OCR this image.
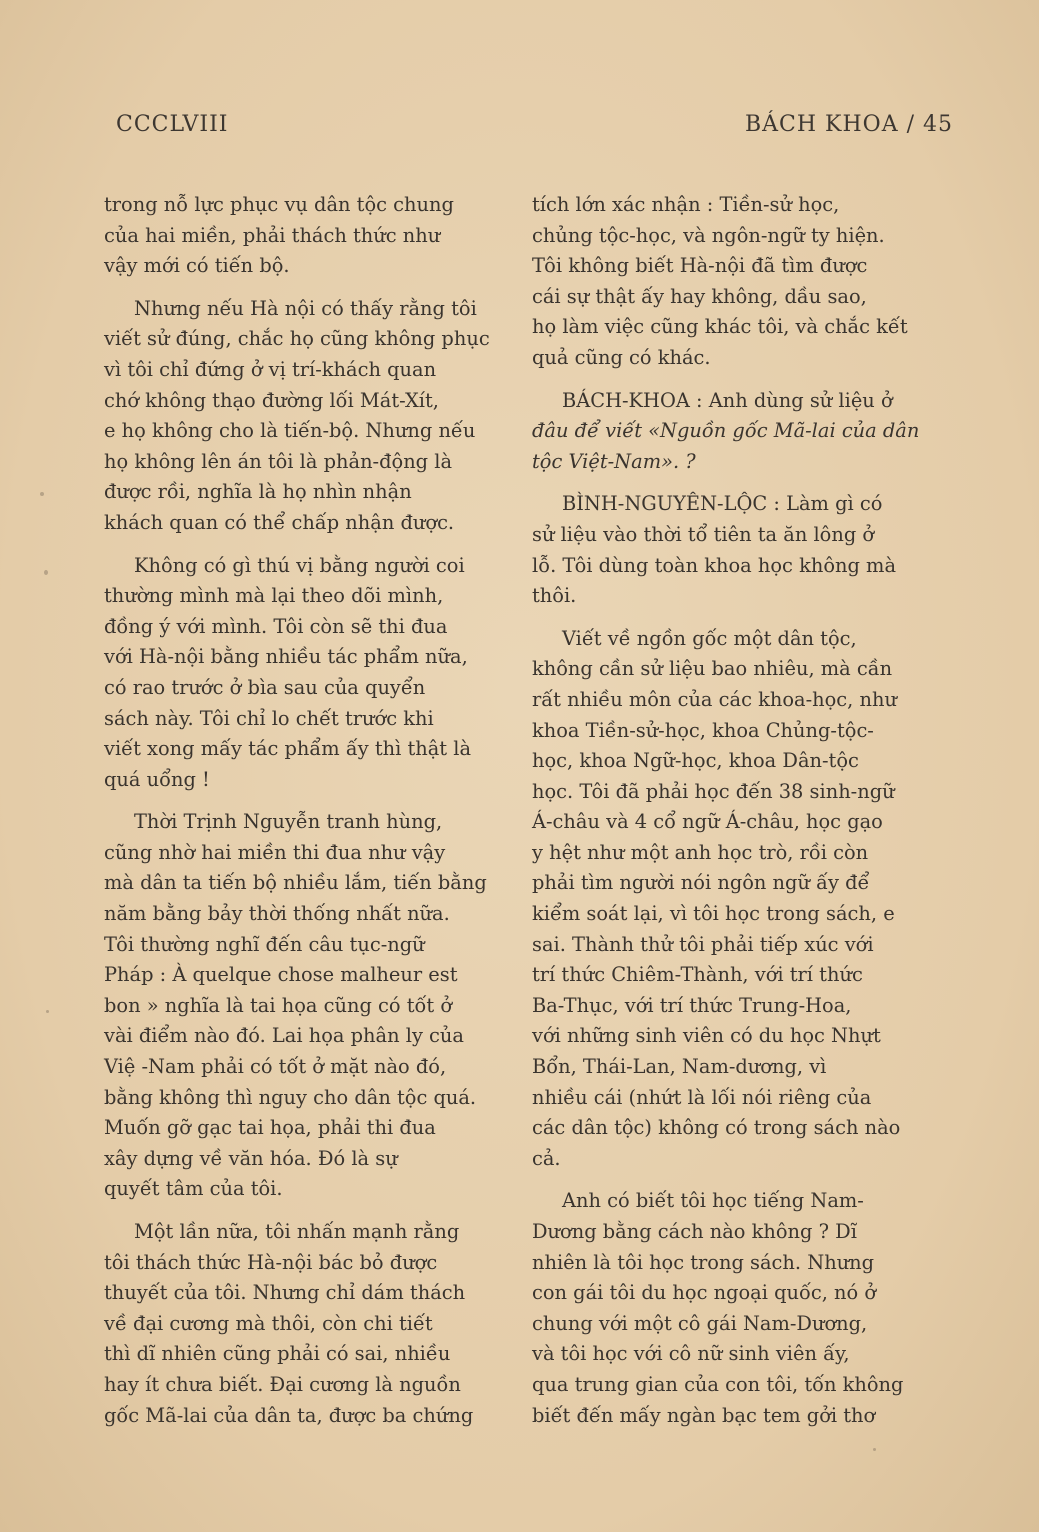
CCCLVIII	BÁCH KHOA / 45
trong nỗ lực phục vụ dân tộc chung
của hai miền, phải thách thức như
vậy mới có tiến bộ.
Nhưng nếu Hà nội có thấy rằng tôi
viết sử đúng, chắc họ cũng không phục
vì tôi chỉ đứng ở vị trí-khách quan
chớ không thạo đường lối Mát-Xít,
e họ không cho là tiến-bộ. Nhưng nếu
họ không lên án tôi là phản-động là
được rồi, nghĩa là họ nhìn nhận
khách quan có thể chấp nhận được.
Không có gì thú vị bằng người coi
thường mình mà lại theo dõi mình,
đồng ý với mình. Tôi còn sẽ thi đua
với Hà-nội bằng nhiều tác phẩm nữa,
có rao trước ở bìa sau của quyển
sách này. Tôi chỉ lo chết trước khi
viết xong mấy tác phẩm ấy thì thật là
quá uổng !
Thời Trịnh Nguyễn tranh hùng,
cũng nhờ hai miền thi đua như vậy
mà dân ta tiến bộ nhiều lắm, tiến bằng
năm bằng bảy thời thống nhất nữa.
Tôi thường nghĩ đến câu tục-ngữ
Pháp : À quelque chose malheur est
bon » nghĩa là tai họa cũng có tốt ở
vài điểm nào đó. Lai họa phân ly của
Việ -Nam phải có tốt ở mặt nào đó,
bằng không thì nguy cho dân tộc quá.
Muốn gỡ gạc tai họa, phải thi đua
xây dựng về văn hóa. Đó là sự
quyết tâm của tôi.
Một lần nữa, tôi nhấn mạnh rằng
tôi thách thức Hà-nội bác bỏ được
thuyết của tôi. Nhưng chỉ dám thách
về đại cương mà thôi, còn chi tiết
thì dĩ nhiên cũng phải có sai, nhiều
hay ít chưa biết. Đại cương là nguồn
gốc Mã-lai của dân ta, được ba chứng
tích lớn xác nhận : Tiền-sử học,
chủng tộc-học, và ngôn-ngữ ty hiện.
Tôi không biết Hà-nội đã tìm được
cái sự thật ấy hay không, dầu sao,
họ làm việc cũng khác tôi, và chắc kết
quả cũng có khác.
BÁCH-KHOA : Anh dùng sử liệu ở
đâu để viết «Nguồn gốc Mã-lai của dân
tộc Việt-Nam». ?
BÌNH-NGUYÊN-LỘC : Làm gì có
sử liệu vào thời tổ tiên ta ăn lông ở
lỗ. Tôi dùng toàn khoa học không mà
thôi.
Viết về ngồn gốc một dân tộc,
không cần sử liệu bao nhiêu, mà cần
rất nhiều môn của các khoa-học, như
khoa Tiền-sử-học, khoa Chủng-tộc-
học, khoa Ngữ-học, khoa Dân-tộc
học. Tôi đã phải học đến 38 sinh-ngữ
Á-châu và 4 cổ ngữ Á-châu, học gạo
y hệt như một anh học trò, rồi còn
phải tìm người nói ngôn ngữ ấy để
kiểm soát lại, vì tôi học trong sách, e
sai. Thành thử tôi phải tiếp xúc với
trí thức Chiêm-Thành, với trí thức
Ba-Thục, với trí thức Trung-Hoa,
với những sinh viên có du học Nhựt
Bổn, Thái-Lan, Nam-dương, vì
nhiều cái (nhứt là lối nói riêng của
các dân tộc) không có trong sách nào
cả.
Anh có biết tôi học tiếng Nam-
Dương bằng cách nào không ? Dĩ
nhiên là tôi học trong sách. Nhưng
con gái tôi du học ngoại quốc, nó ở
chung với một cô gái Nam-Dương,
và tôi học với cô nữ sinh viên ấy,
qua trung gian của con tôi, tốn không
biết đến mấy ngàn bạc tem gởi thơ
